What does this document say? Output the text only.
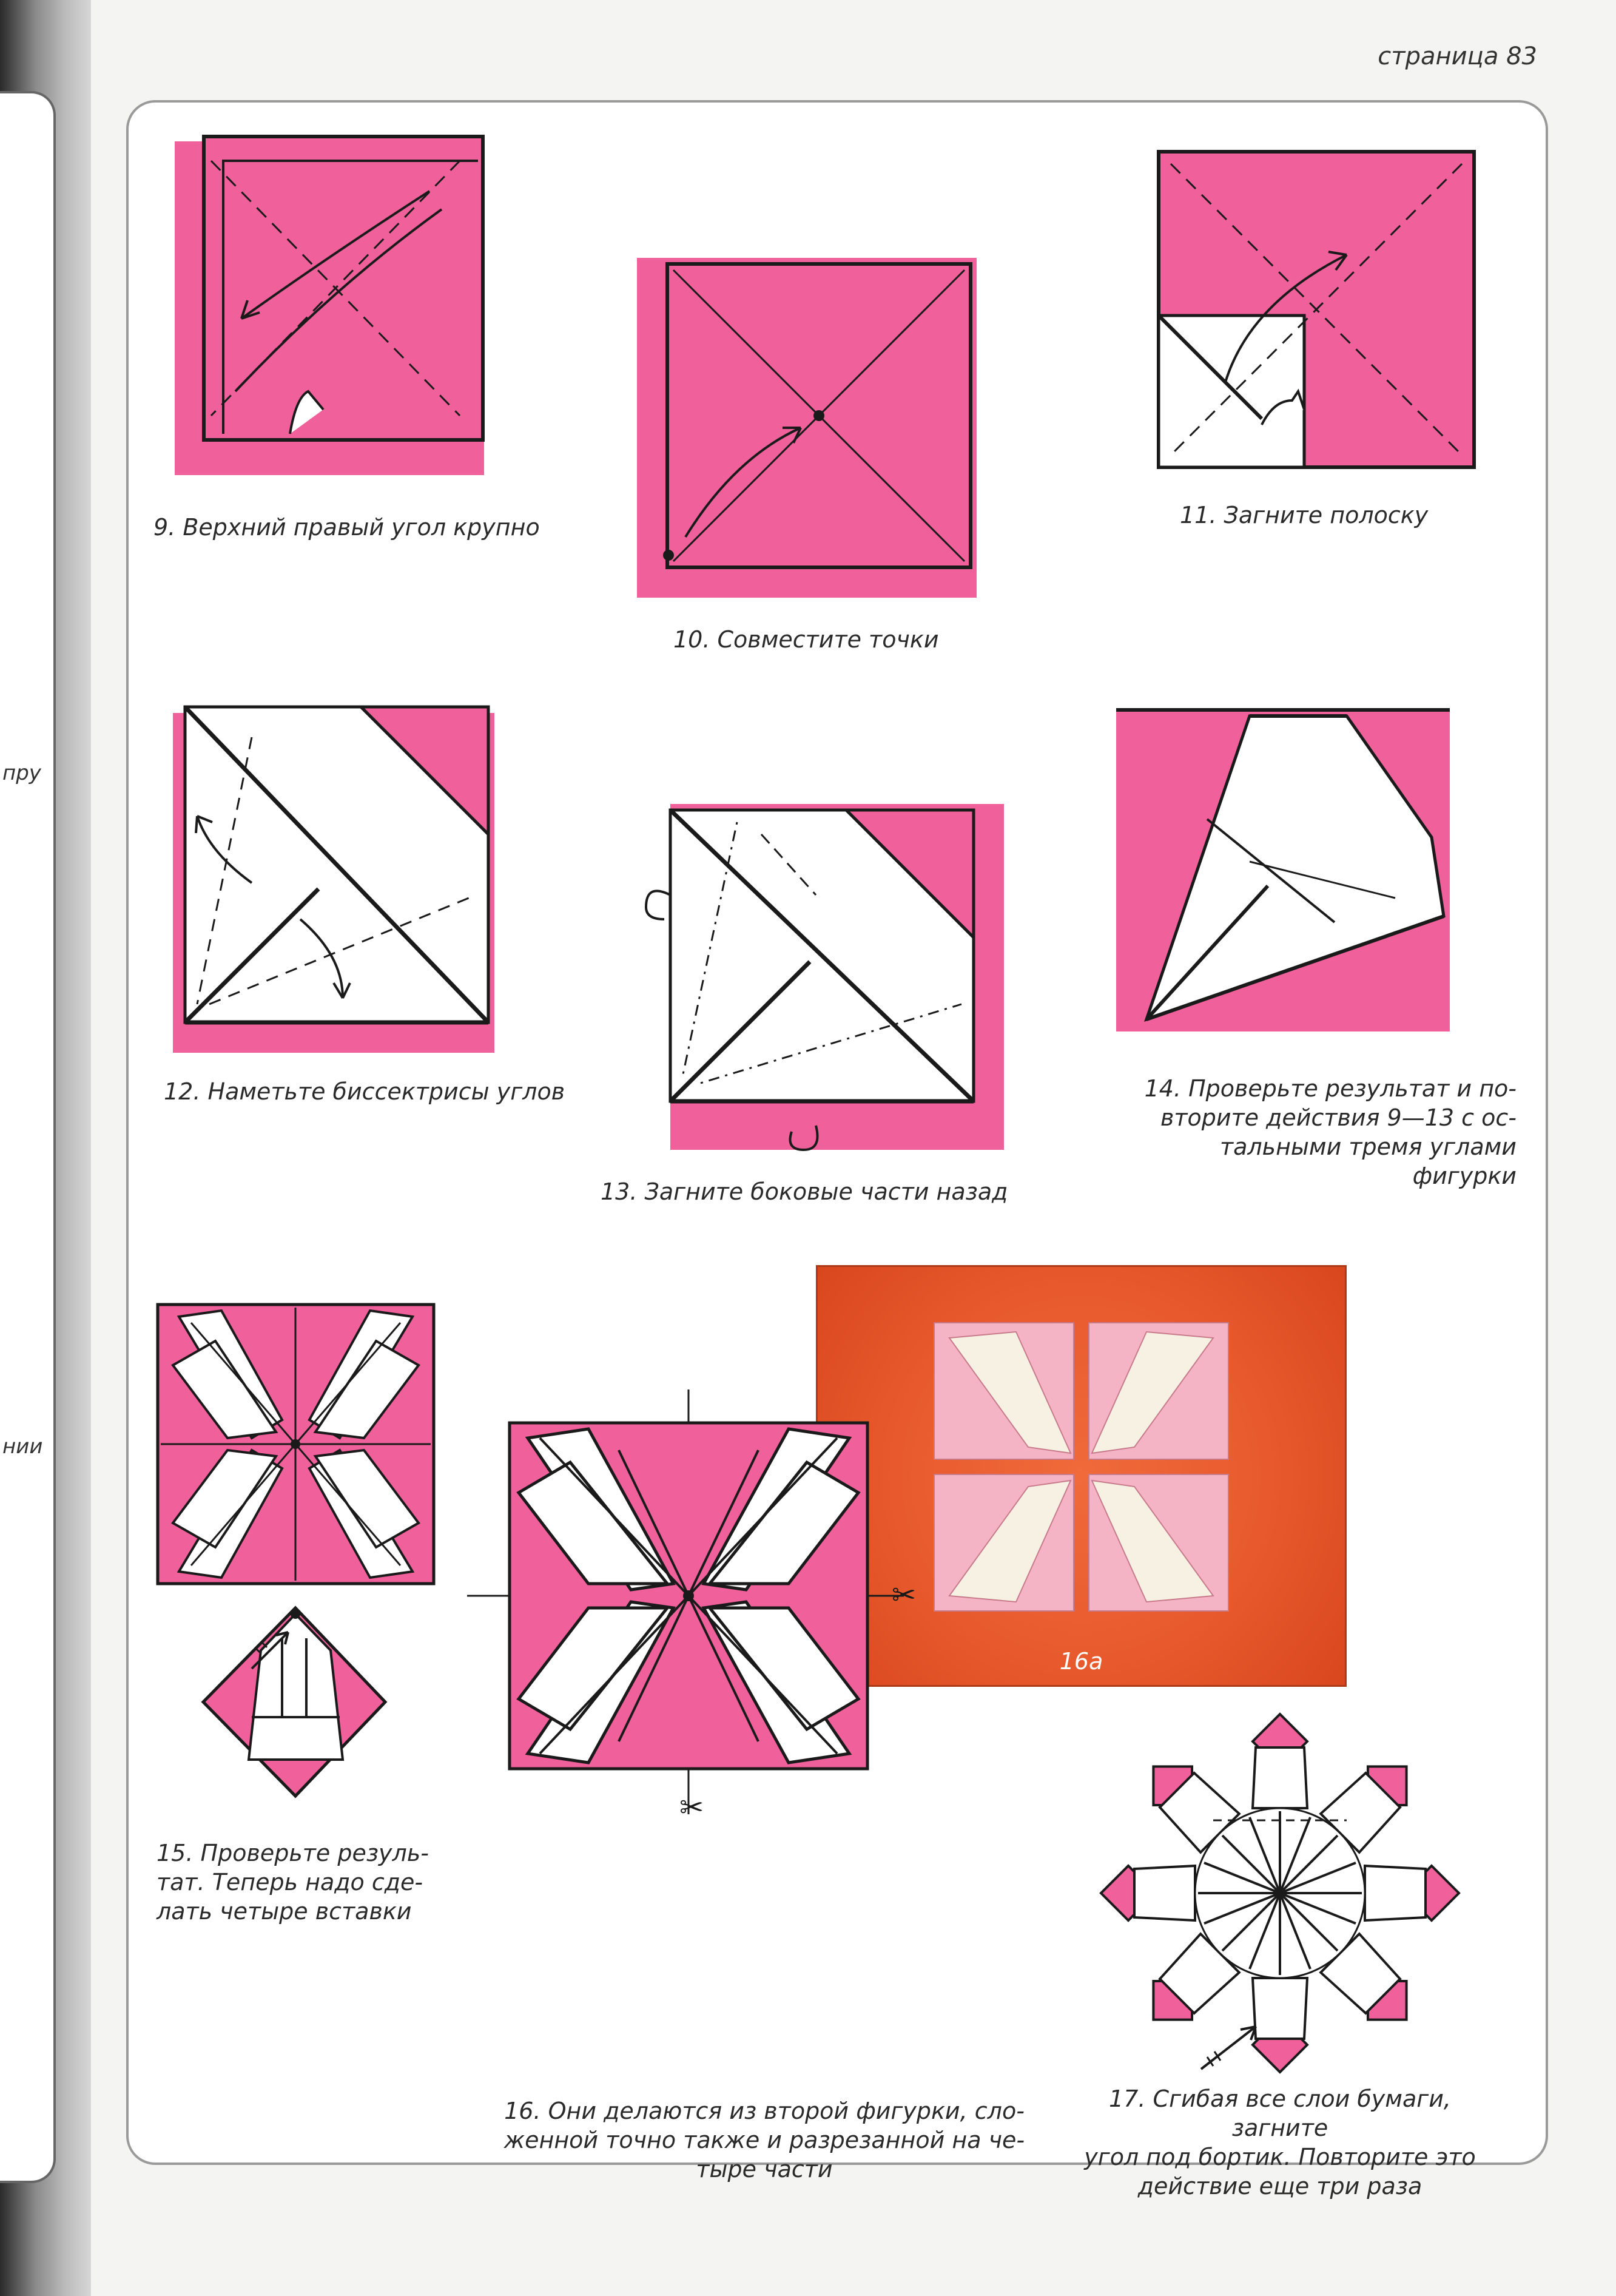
пру
нии
страница 83
9. Верхний правый угол крупно
10. Совместите точки
11. Загните полоску
12. Наметьте биссектрисы углов
13. Загните боковые части назад
14. Проверьте результат и по-
вторите действия 9—13 с ос-
тальными тремя углами фигурки
15. Проверьте резуль-
тат. Теперь надо сде-
лать четыре вставки
16а
✂
✂
16. Они делаются из второй фигурки, сло-
женной точно также и разрезанной на че-
тыре части
17. Сгибая все слои бумаги, загните
угол под бортик. Повторите это
действие еще три раза
